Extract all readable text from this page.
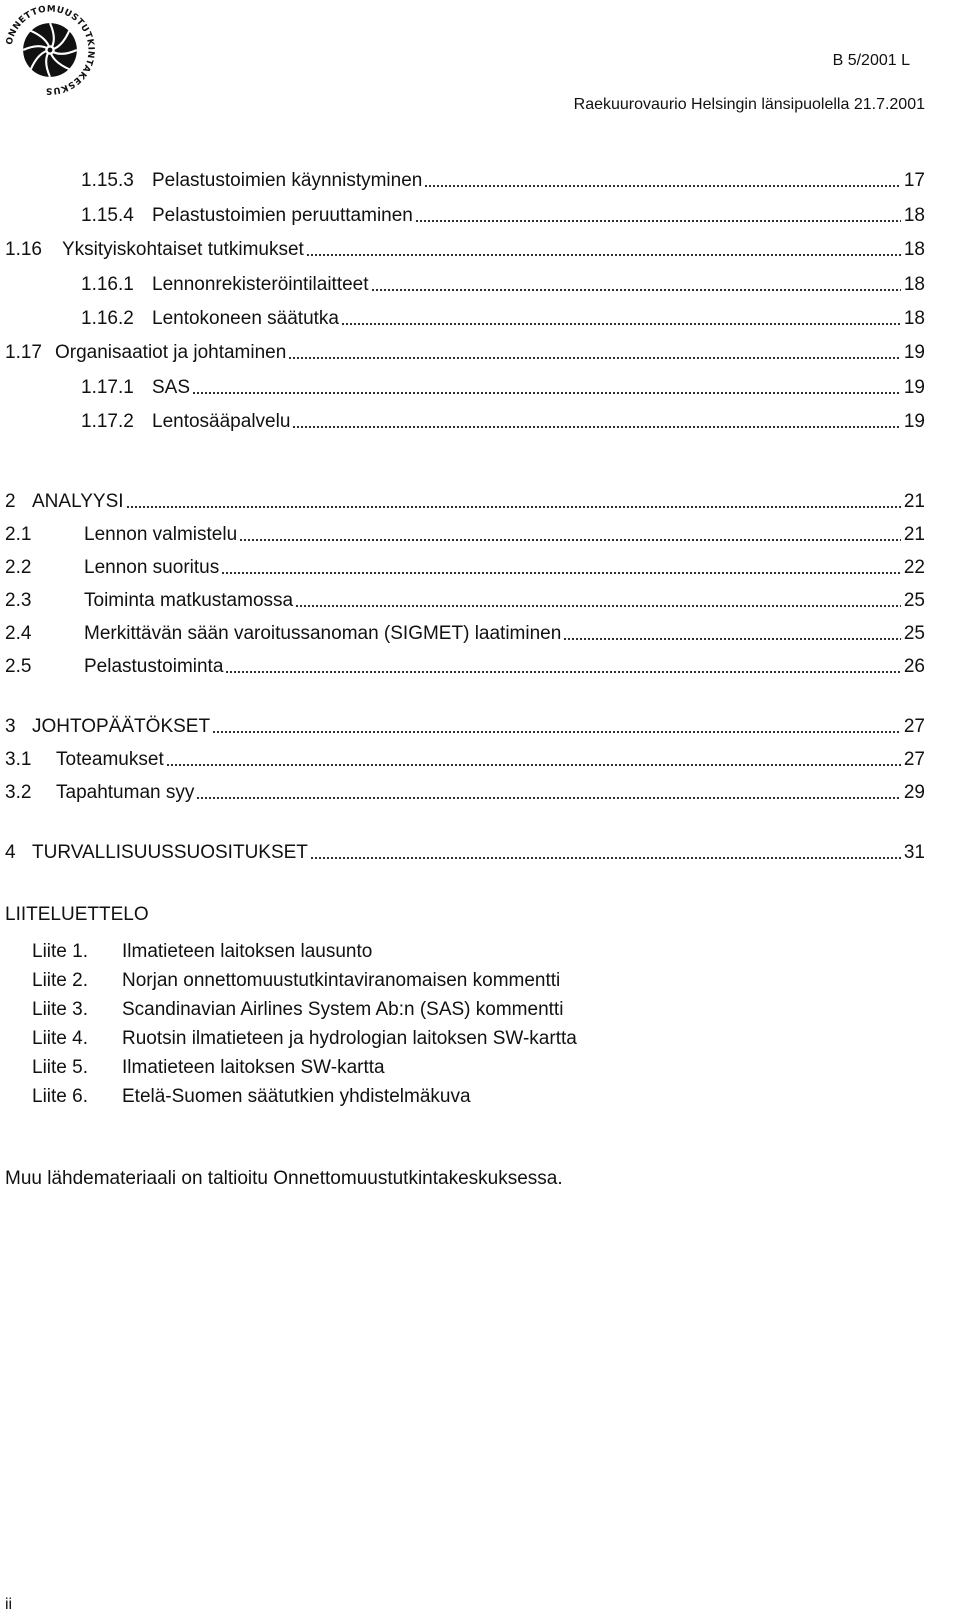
ONNETTOMUUSTUTKINTAKESKUS
B 5/2001 L
Raekuurovaurio Helsingin länsipuolella 21.7.2001
1.15.3 Pelastustoimien käynnistyminen	17
1.15.4 Pelastustoimien peruuttaminen	18
1.16	Yksityiskohtaiset tutkimukset	18
1.16.1 Lennonrekisteröintilaitteet	18
1.16.2 Lentokoneen säätutka	18
1.17 Organisaatiot ja johtaminen	19
1.17.1 SAS	19
1.17.2 Lentosääpalvelu	19
2 ANALYYSI	21
2.1	Lennon valmistelu	21
2.2	Lennon suoritus	22
2.3	Toiminta matkustamossa	25
2.4	Merkittävän sään varoitussanoman (SIGMET) laatiminen	25
2.5	Pelastustoiminta	26
3 JOHTOPÄÄTÖKSET	27
3.1	Toteamukset	27
3.2	Tapahtuman syy	29
4 TURVALLISUUSSUOSITUKSET	31
LIITELUETTELO
Liite 1. Ilmatieteen laitoksen lausunto
Liite 2. Norjan onnettomuustutkintaviranomaisen kommentti
Liite 3. Scandinavian Airlines System Ab:n (SAS) kommentti
Liite 4. Ruotsin ilmatieteen ja hydrologian laitoksen SW-kartta
Liite 5. Ilmatieteen laitoksen SW-kartta
Liite 6. Etelä-Suomen säätutkien yhdistelmäkuva
Muu lähdemateriaali on taltioitu Onnettomuustutkintakeskuksessa.
ii
